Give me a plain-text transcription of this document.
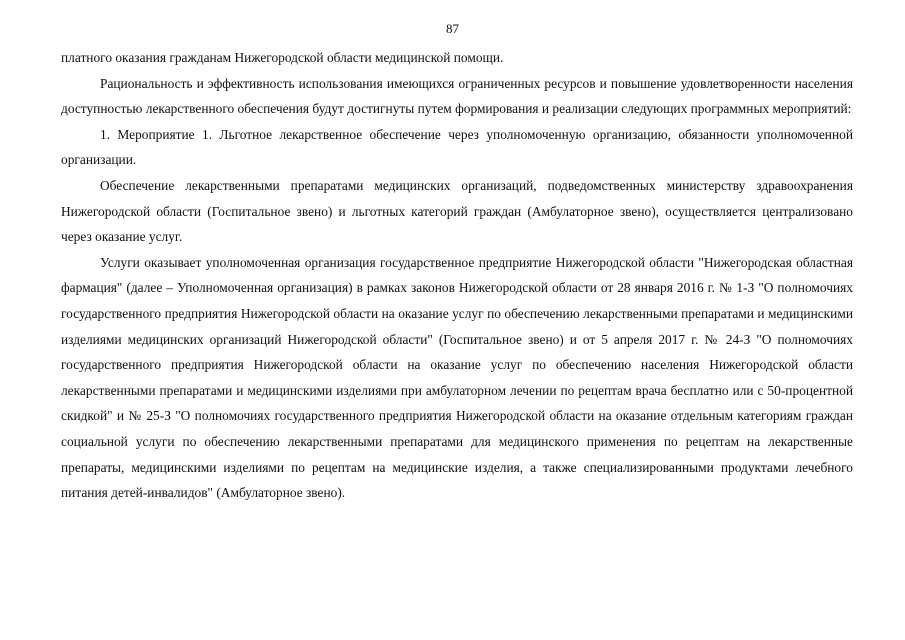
87

платного оказания гражданам Нижегородской области медицинской помощи.

Рациональность и эффективность использования имеющихся ограниченных ресурсов и повышение удовлетворенности населения доступностью лекарственного обеспечения будут достигнуты путем формирования и реализации следующих программных мероприятий:

1. Мероприятие 1. Льготное лекарственное обеспечение через уполномоченную организацию, обязанности уполномоченной организации.

Обеспечение лекарственными препаратами медицинских организаций, подведомственных министерству здравоохранения Нижегородской области (Госпитальное звено) и льготных категорий граждан (Амбулаторное звено), осуществляется централизовано через оказание услуг.

Услуги оказывает уполномоченная организация государственное предприятие Нижегородской области "Нижегородская областная фармация" (далее – Уполномоченная организация) в рамках законов Нижегородской области от 28 января 2016 г. № 1-З "О полномочиях государственного предприятия Нижегородской области на оказание услуг по обеспечению лекарственными препаратами и медицинскими изделиями медицинских организаций Нижегородской области" (Госпитальное звено) и от 5 апреля 2017 г. № 24-З "О полномочиях государственного предприятия Нижегородской области на оказание услуг по обеспечению населения Нижегородской области лекарственными препаратами и медицинскими изделиями при амбулаторном лечении по рецептам врача бесплатно или с 50-процентной скидкой" и № 25-З "О полномочиях государственного предприятия Нижегородской области на оказание отдельным категориям граждан социальной услуги по обеспечению лекарственными препаратами для медицинского применения по рецептам на лекарственные препараты, медицинскими изделиями по рецептам на медицинские изделия, а также специализированными продуктами лечебного питания детей-инвалидов" (Амбулаторное звено).
